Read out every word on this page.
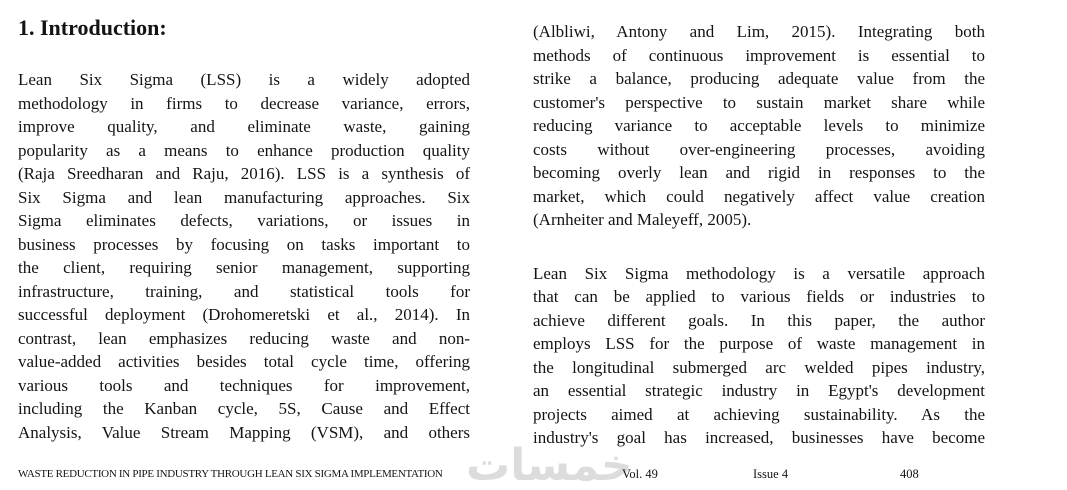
خمسات
1. Introduction:
Lean Six Sigma (LSS) is a widely adopted
methodology in firms to decrease variance, errors,
improve quality, and eliminate waste, gaining
popularity as a means to enhance production quality
(Raja Sreedharan and Raju, 2016). LSS is a synthesis of
Six Sigma and lean manufacturing approaches. Six
Sigma eliminates defects, variations, or issues in
business processes by focusing on tasks important to
the client, requiring senior management, supporting
infrastructure, training, and statistical tools for
successful deployment (Drohomeretski et al., 2014). In
contrast, lean emphasizes reducing waste and non-
value-added activities besides total cycle time, offering
various tools and techniques for improvement,
including the Kanban cycle, 5S, Cause and Effect
Analysis, Value Stream Mapping (VSM), and others
(Albliwi, Antony and Lim, 2015). Integrating both
methods of continuous improvement is essential to
strike a balance, producing adequate value from the
customer's perspective to sustain market share while
reducing variance to acceptable levels to minimize
costs without over-engineering processes, avoiding
becoming overly lean and rigid in responses to the
market, which could negatively affect value creation
(Arnheiter and Maleyeff, 2005).
Lean Six Sigma methodology is a versatile approach
that can be applied to various fields or industries to
achieve different goals. In this paper, the author
employs LSS for the purpose of waste management in
the longitudinal submerged arc welded pipes industry,
an essential strategic industry in Egypt's development
projects aimed at achieving sustainability. As the
industry's goal has increased, businesses have become
WASTE REDUCTION IN PIPE INDUSTRY THROUGH LEAN SIX SIGMA IMPLEMENTATION	Vol. 49	Issue 4	408
